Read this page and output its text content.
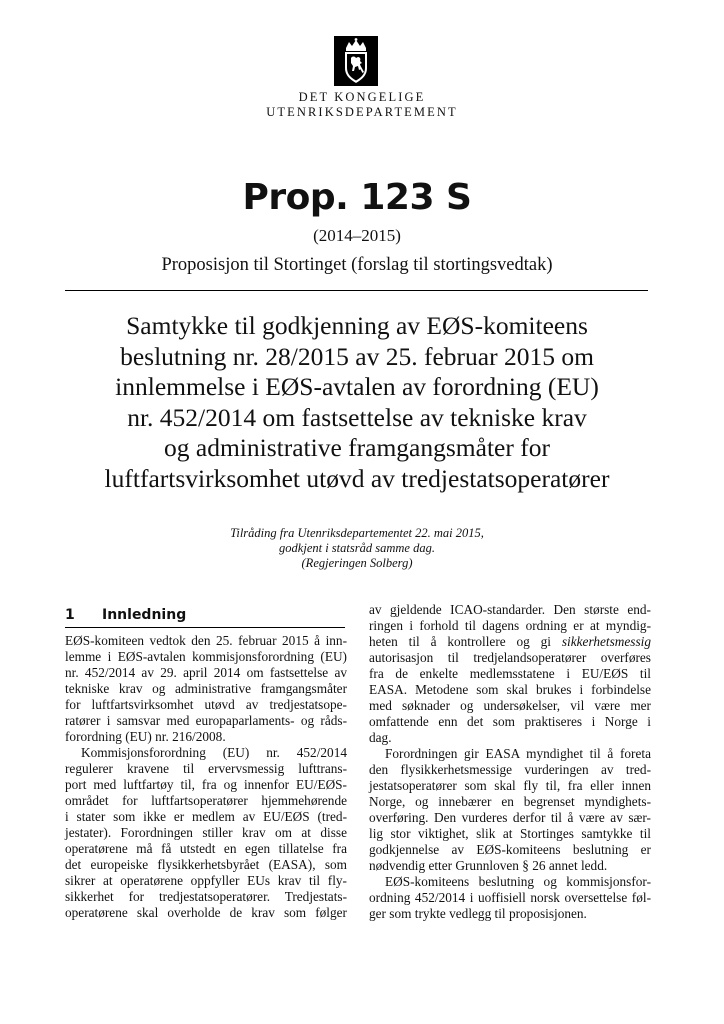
DET KONGELIGE
UTENRIKSDEPARTEMENT
Prop. 123 S
(2014–2015)
Proposisjon til Stortinget (forslag til stortingsvedtak)
Samtykke til godkjenning av EØS-komiteens
beslutning nr. 28/2015 av 25. februar 2015 om
innlemmelse i EØS-avtalen av forordning (EU)
nr. 452/2014 om fastsettelse av tekniske krav
og administrative framgangsmåter for
luftfartsvirksomhet utøvd av tredjestatsoperatører
Tilråding fra Utenriksdepartementet 22. mai 2015,
godkjent i statsråd samme dag.
(Regjeringen Solberg)
1 Innledning
EØS-komiteen vedtok den 25. februar 2015 å inn-
lemme i EØS-avtalen kommisjonsforordning (EU)
nr. 452/2014 av 29. april 2014 om fastsettelse av
tekniske krav og administrative framgangsmåter
for luftfartsvirksomhet utøvd av tredjestatsope-
ratører i samsvar med europaparlaments- og råds-
forordning (EU) nr. 216/2008.
Kommisjonsforordning (EU) nr. 452/2014
regulerer kravene til ervervsmessig lufttrans-
port med luftfartøy til, fra og innenfor EU/EØS-
området for luftfartsoperatører hjemmehørende
i stater som ikke er medlem av EU/EØS (tred-
jestater). Forordningen stiller krav om at disse
operatørene må få utstedt en egen tillatelse fra
det europeiske flysikkerhetsbyrået (EASA), som
sikrer at operatørene oppfyller EUs krav til fly-
sikkerhet for tredjestatsoperatører. Tredjestats-
operatørene skal overholde de krav som følger
av gjeldende ICAO-standarder. Den største end-
ringen i forhold til dagens ordning er at myndig-
heten til å kontrollere og gi sikkerhetsmessig
autorisasjon til tredjelandsoperatører overføres
fra de enkelte medlemsstatene i EU/EØS til
EASA. Metodene som skal brukes i forbindelse
med søknader og undersøkelser, vil være mer
omfattende enn det som praktiseres i Norge i
dag.
Forordningen gir EASA myndighet til å foreta
den flysikkerhetsmessige vurderingen av tred-
jestatsoperatører som skal fly til, fra eller innen
Norge, og innebærer en begrenset myndighets-
overføring. Den vurderes derfor til å være av sær-
lig stor viktighet, slik at Stortinges samtykke til
godkjennelse av EØS-komiteens beslutning er
nødvendig etter Grunnloven § 26 annet ledd.
EØS-komiteens beslutning og kommisjonsfor-
ordning 452/2014 i uoffisiell norsk oversettelse føl-
ger som trykte vedlegg til proposisjonen.
